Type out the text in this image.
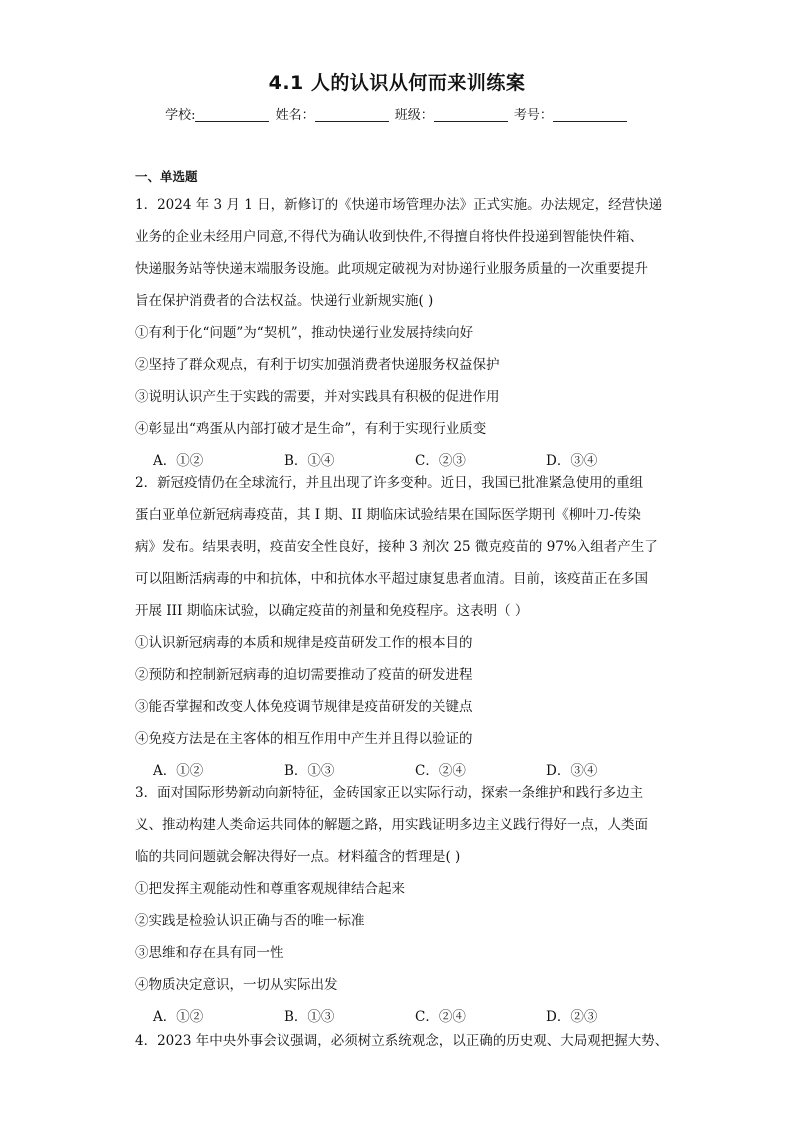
4.1 人的认识从何而来训练案
学校:	姓名：	班级：	考号：
一、单选题
1．2024 年 3 月 1 日，新修订的《快递市场管理办法》正式实施。办法规定，经营快递
业务的企业未经用户同意,不得代为确认收到快件,不得擅自将快件投递到智能快件箱、
快递服务站等快递末端服务设施。此项规定破视为对协递行业服务质量的一次重要提升
旨在保护消费者的合法权益。快递行业新规实施( )
①有利于化“问题”为“契机”，推动快递行业发展持续向好
②坚持了群众观点，有利于切实加强消费者快递服务权益保护
③说明认识产生于实践的需要，并对实践具有积极的促进作用
④彰显出“鸡蛋从内部打破才是生命”，有利于实现行业质变
A．①②	B．①④	C．②③	D．③④
2．新冠疫情仍在全球流行，并且出现了许多变种。近日，我国已批准紧急使用的重组
蛋白亚单位新冠病毒疫苗，其 I 期、II 期临床试验结果在国际医学期刊《柳叶刀-传染
病》发布。结果表明，疫苗安全性良好，接种 3 剂次 25 微克疫苗的 97%入组者产生了
可以阻断活病毒的中和抗体，中和抗体水平超过康复患者血清。目前，该疫苗正在多国
开展 III 期临床试验，以确定疫苗的剂量和免疫程序。这表明（ ）
①认识新冠病毒的本质和规律是疫苗研发工作的根本目的
②预防和控制新冠病毒的迫切需要推动了疫苗的研发进程
③能否掌握和改变人体免疫调节规律是疫苗研发的关键点
④免疫方法是在主客体的相互作用中产生并且得以验证的
A．①②	B．①③	C．②④	D．③④
3．面对国际形势新动向新特征，金砖国家正以实际行动，探索一条维护和践行多边主
义、推动构建人类命运共同体的解题之路，用实践证明多边主义践行得好一点，人类面
临的共同问题就会解决得好一点。材料蕴含的哲理是( )
①把发挥主观能动性和尊重客观规律结合起来
②实践是检验认识正确与否的唯一标准
③思维和存在具有同一性
④物质决定意识，一切从实际出发
A．①②	B．①③	C．②④	D．②③
4．2023 年中央外事会议强调，必须树立系统观念，以正确的历史观、大局观把握大势、
